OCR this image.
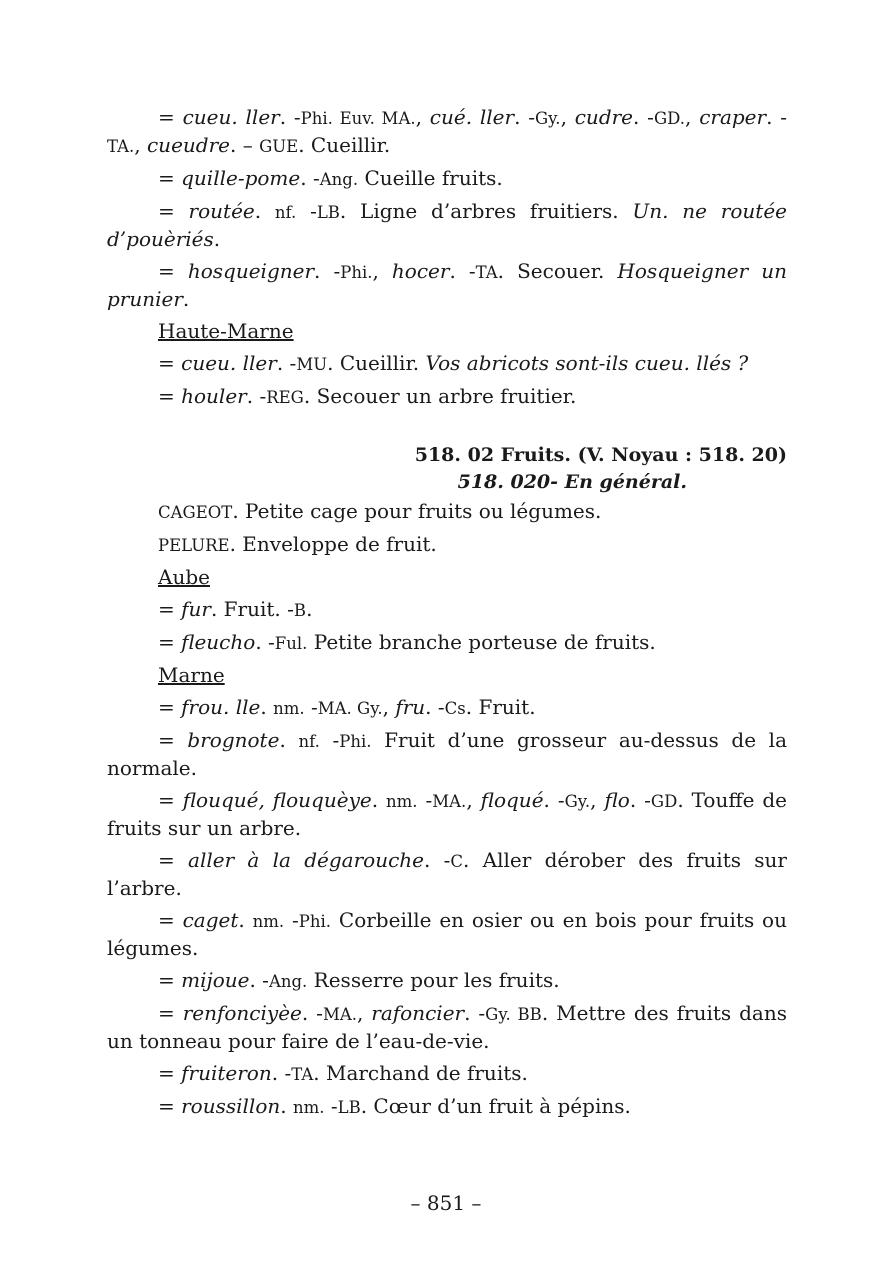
= cueu. ller. -Phi. Euv. MA., cué. ller. -Gy., cudre. -GD., craper. -TA., cueudre. – GUE. Cueillir.

= quille-pome. -Ang. Cueille fruits.

= routée. nf. -LB. Ligne d’arbres fruitiers. Un. ne routée d’pouèriés.

= hosqueigner. -Phi., hocer. -TA. Secouer. Hosqueigner un prunier.

Haute-Marne

= cueu. ller. -MU. Cueillir. Vos abricots sont-ils cueu. llés ?

= houler. -REG. Secouer un arbre fruitier.

518. 02 Fruits. (V. Noyau : 518. 20)

518. 020- En général.

CAGEOT. Petite cage pour fruits ou légumes.

PELURE. Enveloppe de fruit.

Aube

= fur. Fruit. -B.

= fleucho. -Ful. Petite branche porteuse de fruits.

Marne

= frou. lle. nm. -MA. Gy., fru. -Cs. Fruit.

= brognote. nf. -Phi. Fruit d’une grosseur au-dessus de la normale.

= flouqué, flouquèye. nm. -MA., floqué. -Gy., flo. -GD. Touffe de fruits sur un arbre.

= aller à la dégarouche. -C. Aller dérober des fruits sur l’arbre.

= caget. nm. -Phi. Corbeille en osier ou en bois pour fruits ou légumes.

= mijoue. -Ang. Resserre pour les fruits.

= renfonciyèe. -MA., rafoncier. -Gy. BB. Mettre des fruits dans un tonneau pour faire de l’eau-de-vie.

= fruiteron. -TA. Marchand de fruits.

= roussillon. nm. -LB. Cœur d’un fruit à pépins.

– 851 –
